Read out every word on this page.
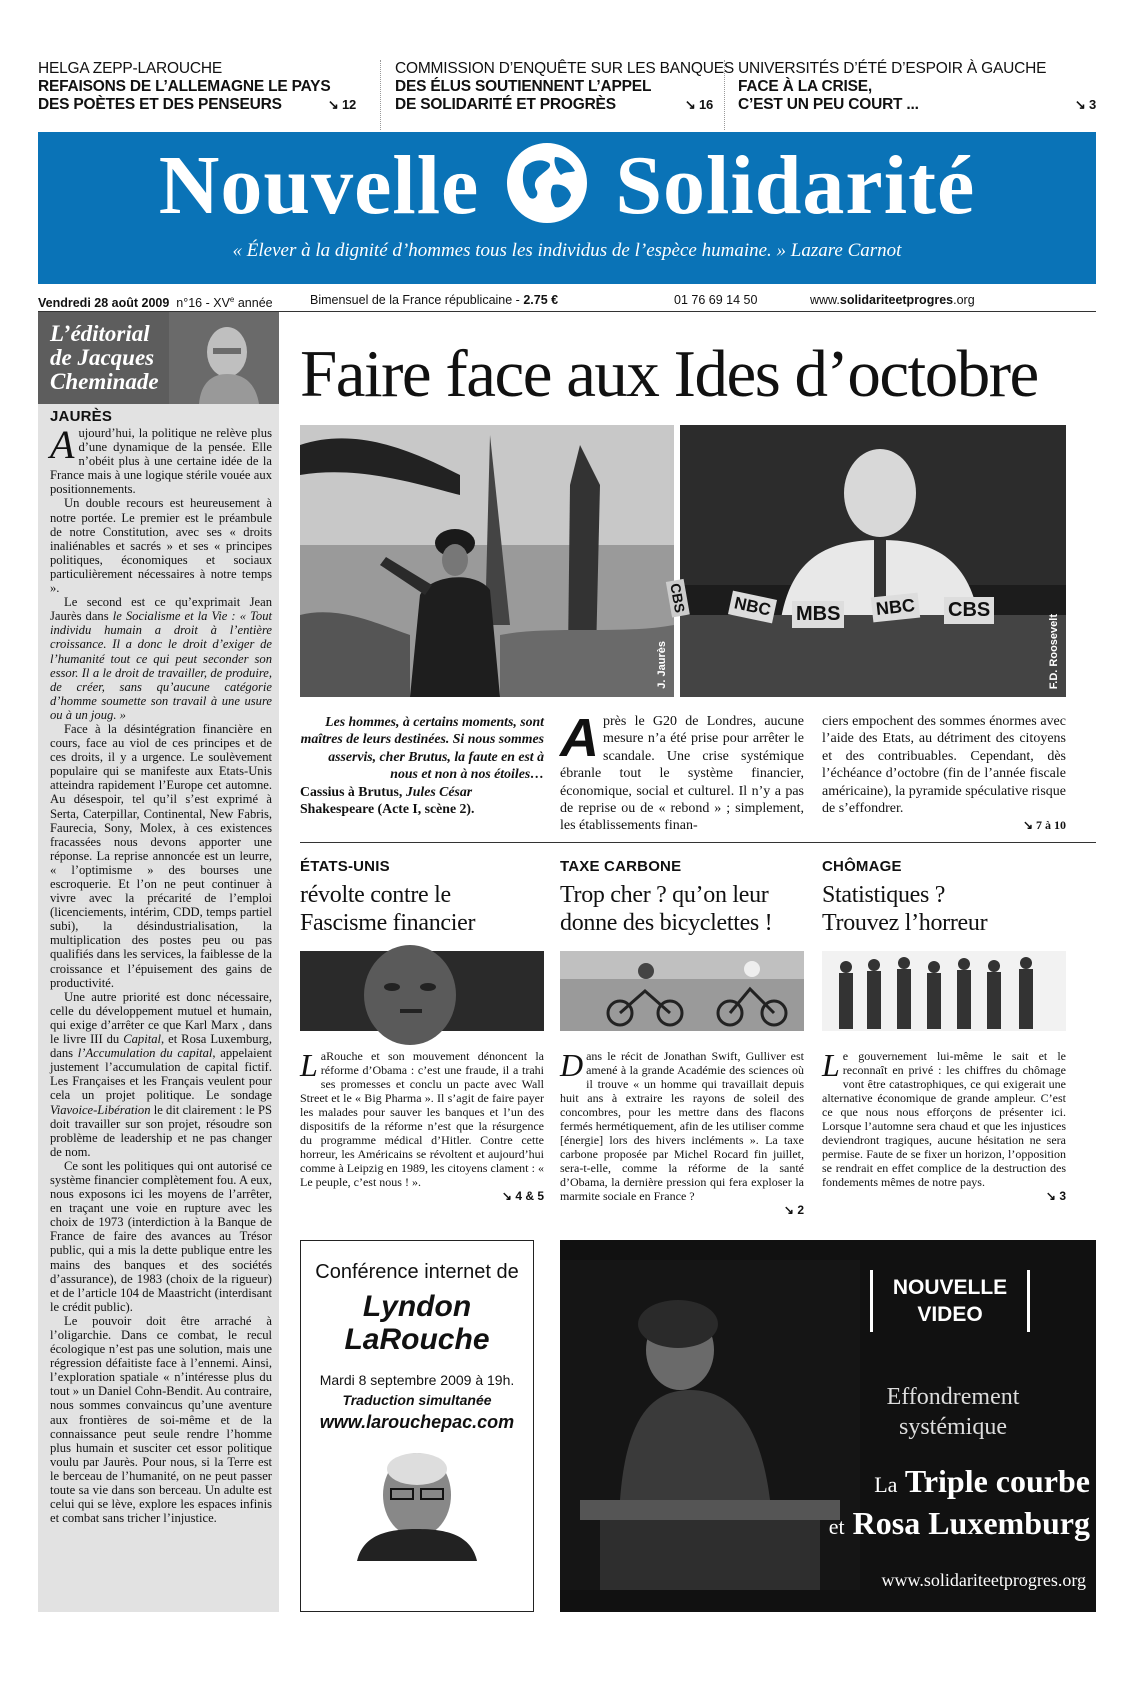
HELGA ZEPP-LAROUCHE
REFAISONS DE L’ALLEMAGNE LE PAYS
DES POÈTES ET DES PENSEURS	↘ 12
COMMISSION D’ENQUÊTE SUR LES BANQUES
DES ÉLUS SOUTIENNENT L’APPEL
DE SOLIDARITÉ ET PROGRÈS	↘ 16
UNIVERSITÉS D’ÉTÉ D’ESPOIR À GAUCHE
FACE À LA CRISE,
C’EST UN PEU COURT ...	↘ 3
Nouvelle Solidarité
« Élever à la dignité d’hommes tous les individus de l’espèce humaine. » Lazare Carnot
Vendredi 28 août 2009 n°16 - XVe année	Bimensuel de la France républicaine - 2.75 €	01 76 69 14 50	www.solidariteetprogres.org
L’éditorial
de Jacques
Cheminade
JAURÈS

Aujourd’hui, la politique ne relève plus d’une dynamique de la pensée. Elle n’obéit plus à une certaine idée de la France mais à une logique stérile vouée aux positionnements.

Un double recours est heureusement à notre portée. Le premier est le préambule de notre Constitution, avec ses « droits inaliénables et sacrés » et ses « principes politiques, économiques et sociaux particulièrement nécessaires à notre temps ».

Le second est ce qu’exprimait Jean Jaurès dans le Socialisme et la Vie : « Tout individu humain a droit à l’entière croissance. Il a donc le droit d’exiger de l’humanité tout ce qui peut seconder son essor. Il a le droit de travailler, de produire, de créer, sans qu’aucune catégorie d’homme soumette son travail à une usure ou à un joug. »

Face à la désintégration financière en cours, face au viol de ces principes et de ces droits, il y a urgence. Le soulèvement populaire qui se manifeste aux Etats-Unis atteindra rapidement l’Europe cet automne. Au désespoir, tel qu’il s’est exprimé à Serta, Caterpillar, Continental, New Fabris, Faurecia, Sony, Molex, à ces existences fracassées nous devons apporter une réponse. La reprise annoncée est un leurre, « l’optimisme » des bourses une escroquerie. Et l’on ne peut continuer à vivre avec la précarité de l’emploi (licenciements, intérim, CDD, temps partiel subi), la désindustrialisation, la multiplication des postes peu ou pas qualifiés dans les services, la faiblesse de la croissance et l’épuisement des gains de productivité.

Une autre priorité est donc nécessaire, celle du développement mutuel et humain, qui exige d’arrêter ce que Karl Marx , dans le livre III du Capital, et Rosa Luxemburg, dans l’Accumulation du capital, appelaient justement l’accumulation de capital fictif. Les Françaises et les Français veulent pour cela un projet politique. Le sondage Viavoice-Libération le dit clairement : le PS doit travailler sur son projet, résoudre son problème de leadership et ne pas changer de nom.

Ce sont les politiques qui ont autorisé ce système financier complètement fou. A eux, nous exposons ici les moyens de l’arrêter, en traçant une voie en rupture avec les choix de 1973 (interdiction à la Banque de France de faire des avances au Trésor public, qui a mis la dette publique entre les mains des banques et des sociétés d’assurance), de 1983 (choix de la rigueur) et de l’article 104 de Maastricht (interdisant le crédit public).

Le pouvoir doit être arraché à l’oligarchie. Dans ce combat, le recul écologique n’est pas une solution, mais une régression défaitiste face à l’ennemi. Ainsi, l’exploration spatiale « n’intéresse plus du tout » un Daniel Cohn-Bendit. Au contraire, nous sommes convaincus qu’une aventure aux frontières de soi-même et de la connaissance peut seule rendre l’homme plus humain et susciter cet essor politique voulu par Jaurès. Pour nous, si la Terre est le berceau de l’humanité, on ne peut passer toute sa vie dans son berceau. Un adulte est celui qui se lève, explore les espaces infinis et combat sans tricher l’injustice.

Faire face aux Ides d’octobre
J. Jaurès
NBC MBS NBC CBS
CBS
F.D. Roosevelt
Les hommes, à certains moments, sont maîtres de leurs destinées. Si nous sommes asservis, cher Brutus, la faute en est à nous et non à nos étoiles…
Cassius à Brutus, Jules César
Shakespeare (Acte I, scène 2).
Après le G20 de Londres, aucune mesure n’a été prise pour arrêter le scandale. Une crise systémique ébranle tout le système financier, économique, social et culturel. Il n’y a pas de reprise ou de « rebond » ; simplement, les établissements finan-
ciers empochent des sommes énormes avec l’aide des Etats, au détriment des citoyens et des contribuables. Cependant, dès l’échéance d’octobre (fin de l’année fiscale américaine), la pyramide spéculative risque de s’effondrer.
↘ 7 à 10
ÉTATS-UNIS
révolte contre le
Fascisme financier
LaRouche et son mouvement dénoncent la réforme d’Obama : c’est une fraude, il a trahi ses promesses et conclu un pacte avec Wall Street et le « Big Pharma ». Il s’agit de faire payer les malades pour sauver les banques et l’un des dispositifs de la réforme n’est que la résurgence du programme médical d’Hitler. Contre cette horreur, les Américains se révoltent et aujourd’hui comme à Leipzig en 1989, les citoyens clament : « Le peuple, c’est nous ! ».
↘ 4 & 5
TAXE CARBONE
Trop cher ? qu’on leur
donne des bicyclettes !
Dans le récit de Jonathan Swift, Gulliver est amené à la grande Académie des sciences où il trouve « un homme qui travaillait depuis huit ans à extraire les rayons de soleil des concombres, pour les mettre dans des flacons fermés hermétiquement, afin de les utiliser comme [énergie] lors des hivers incléments ». La taxe carbone proposée par Michel Rocard fin juillet, sera-t-elle, comme la réforme de la santé d’Obama, la dernière pression qui fera exploser la marmite sociale en France ?
↘ 2
CHÔMAGE
Statistiques ?
Trouvez l’horreur
Le gouvernement lui-même le sait et le reconnaît en privé : les chiffres du chômage vont être catastrophiques, ce qui exigerait une alternative économique de grande ampleur. C’est ce que nous nous efforçons de présenter ici. Lorsque l’automne sera chaud et que les injustices deviendront tragiques, aucune hésitation ne sera permise. Faute de se fixer un horizon, l’opposition se rendrait en effet complice de la destruction des fondements mêmes de notre pays.
↘ 3
Conférence internet de
Lyndon
LaRouche
Mardi 8 septembre 2009 à 19h.
Traduction simultanée
www.larouchepac.com
NOUVELLE
VIDEO
Effondrement
systémique
La Triple courbe
et Rosa Luxemburg
www.solidariteetprogres.org
